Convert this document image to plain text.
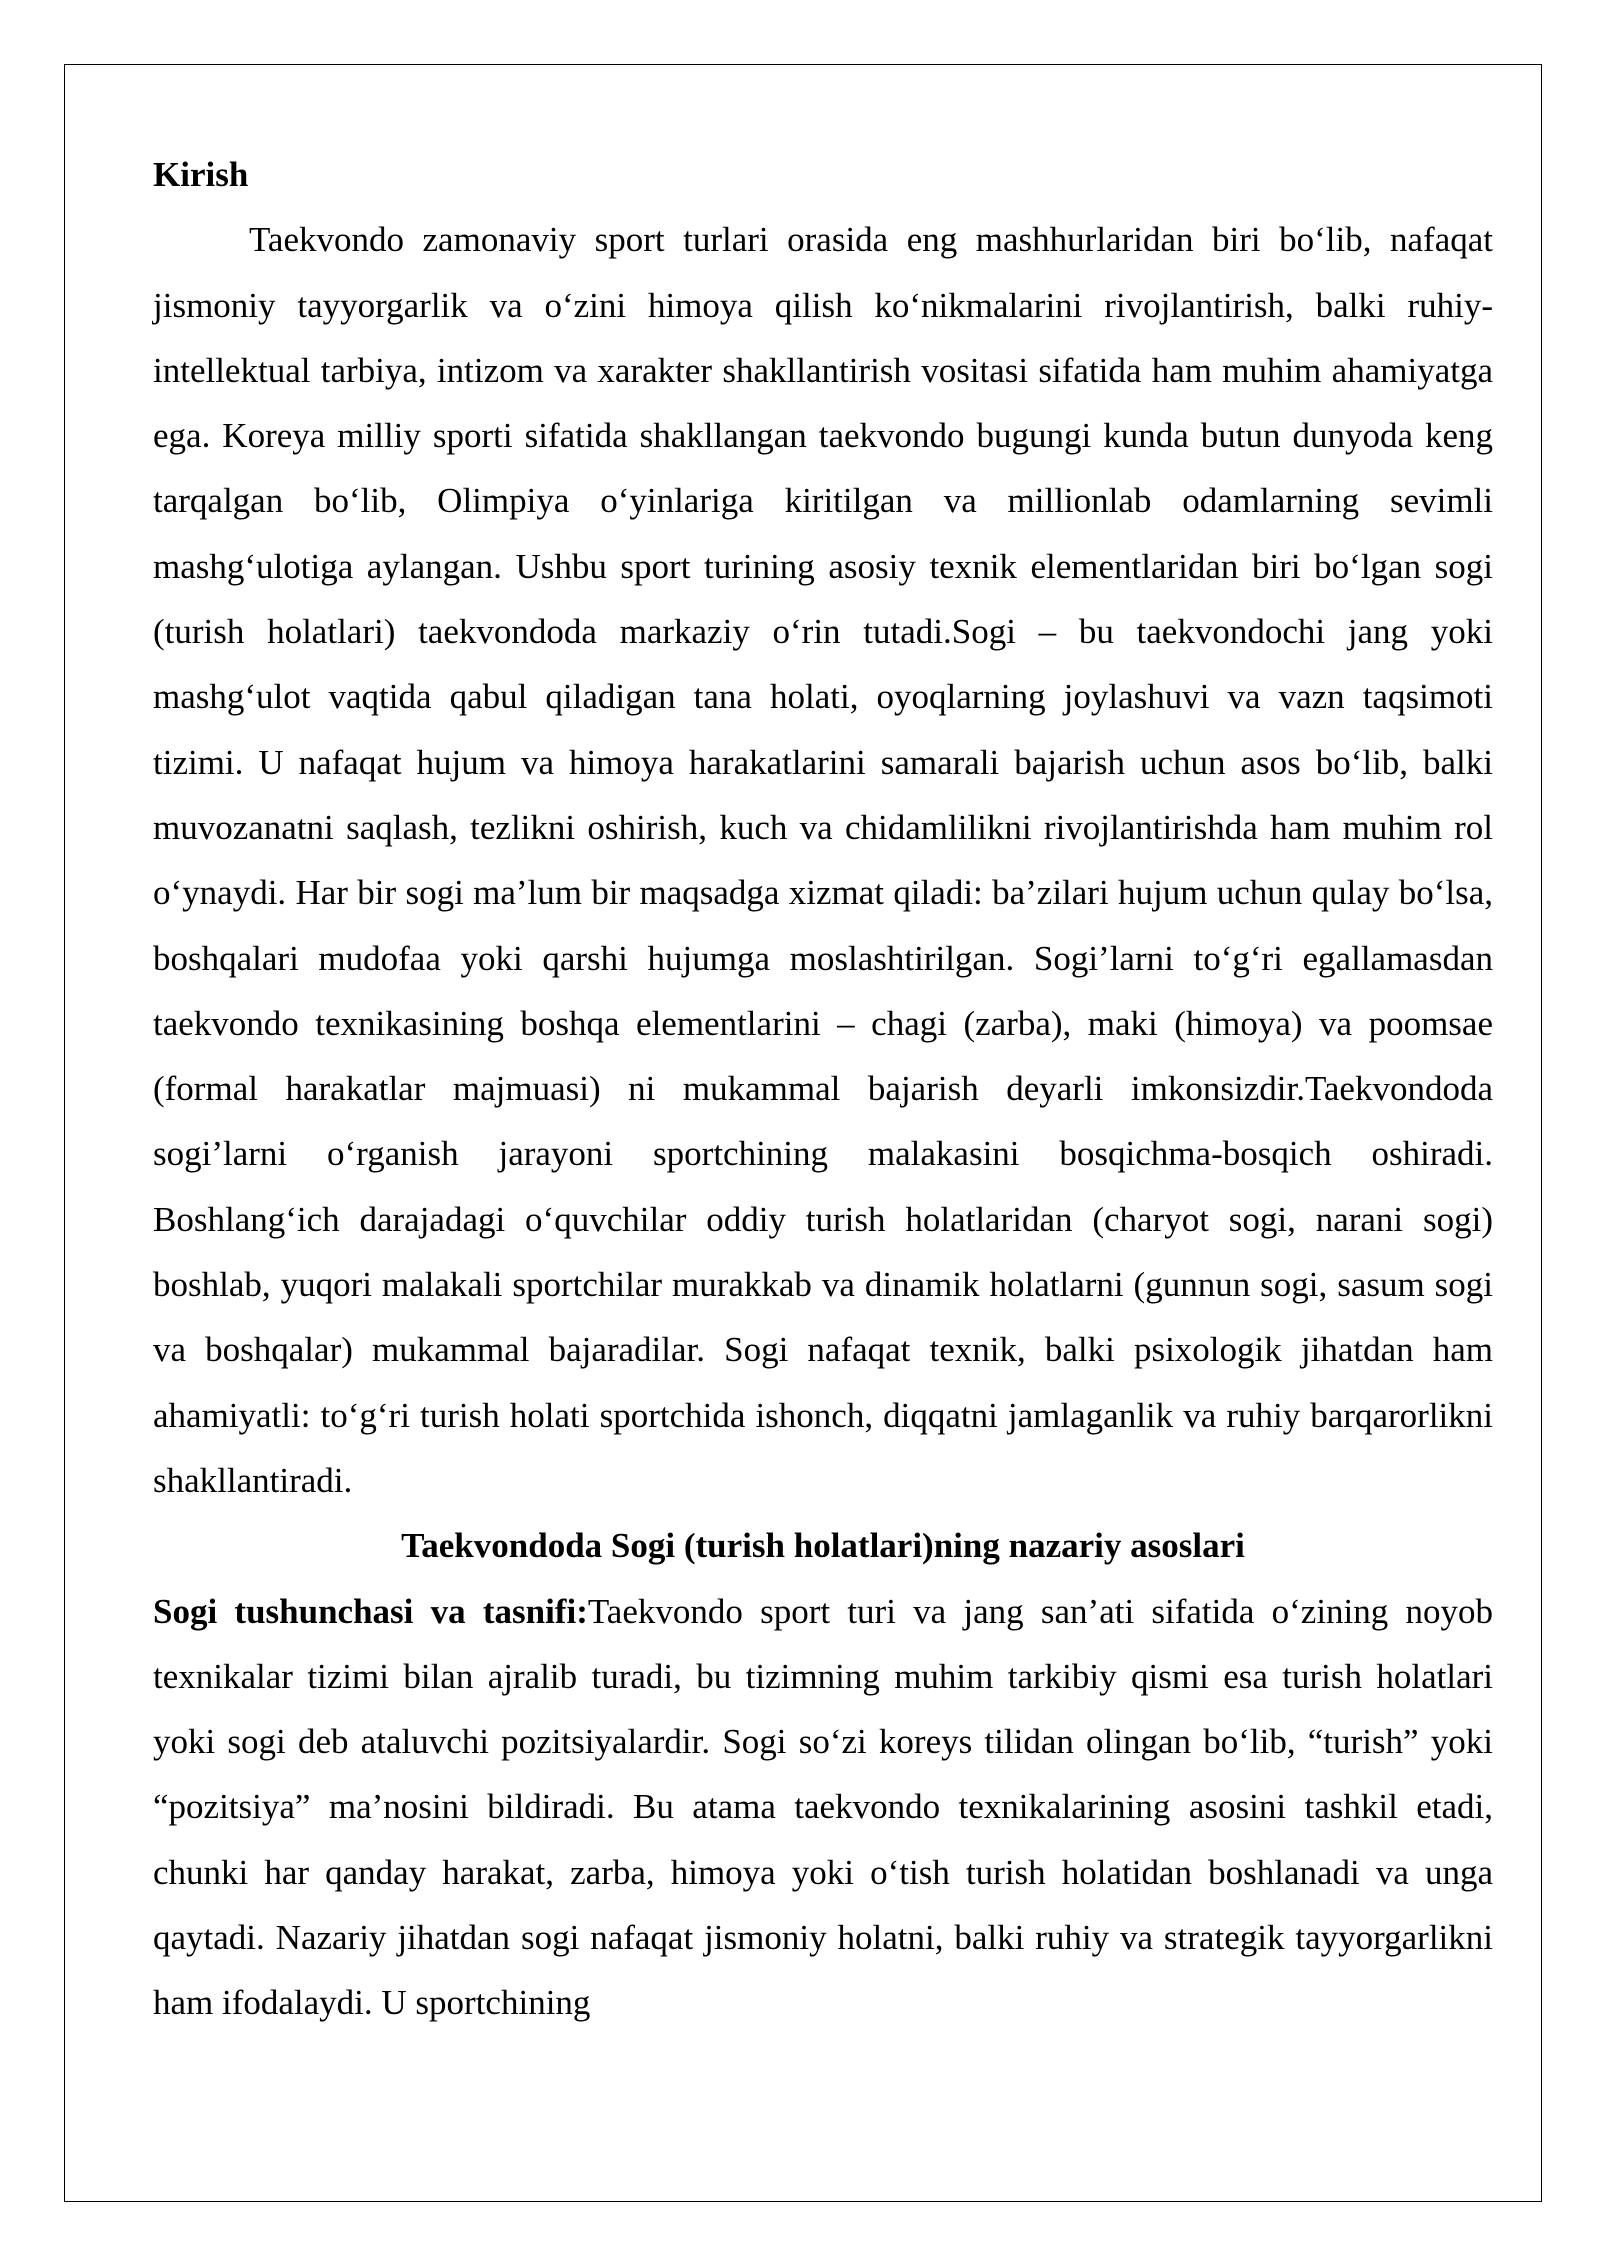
Kirish

Taekvondo zamonaviy sport turlari orasida eng mashhurlaridan biri bo‘lib, nafaqat jismoniy tayyorgarlik va o‘zini himoya qilish ko‘nikmalarini rivojlantirish, balki ruhiy-intellektual tarbiya, intizom va xarakter shakllantirish vositasi sifatida ham muhim ahamiyatga ega. Koreya milliy sporti sifatida shakllangan taekvondo bugungi kunda butun dunyoda keng tarqalgan bo‘lib, Olimpiya o‘yinlariga kiritilgan va millionlab odamlarning sevimli mashg‘ulotiga aylangan. Ushbu sport turining asosiy texnik elementlaridan biri bo‘lgan sogi (turish holatlari) taekvondoda markaziy o‘rin tutadi.Sogi – bu taekvondochi jang yoki mashg‘ulot vaqtida qabul qiladigan tana holati, oyoqlarning joylashuvi va vazn taqsimoti tizimi. U nafaqat hujum va himoya harakatlarini samarali bajarish uchun asos bo‘lib, balki muvozanatni saqlash, tezlikni oshirish, kuch va chidamlilikni rivojlantirishda ham muhim rol o‘ynaydi. Har bir sogi ma’lum bir maqsadga xizmat qiladi: ba’zilari hujum uchun qulay bo‘lsa, boshqalari mudofaa yoki qarshi hujumga moslashtirilgan. Sogi’larni to‘g‘ri egallamasdan taekvondo texnikasining boshqa elementlarini – chagi (zarba), maki (himoya) va poomsae (formal harakatlar majmuasi) ni mukammal bajarish deyarli imkonsizdir.Taekvondoda sogi’larni o‘rganish jarayoni sportchining malakasini bosqichma-bosqich oshiradi. Boshlang‘ich darajadagi o‘quvchilar oddiy turish holatlaridan (charyot sogi, narani sogi) boshlab, yuqori malakali sportchilar murakkab va dinamik holatlarni (gunnun sogi, sasum sogi va boshqalar) mukammal bajaradilar. Sogi nafaqat texnik, balki psixologik jihatdan ham ahamiyatli: to‘g‘ri turish holati sportchida ishonch, diqqatni jamlaganlik va ruhiy barqarorlikni shakllantiradi.

Taekvondoda Sogi (turish holatlari)ning nazariy asoslari

Sogi tushunchasi va tasnifi:Taekvondo sport turi va jang san’ati sifatida o‘zining noyob texnikalar tizimi bilan ajralib turadi, bu tizimning muhim tarkibiy qismi esa turish holatlari yoki sogi deb ataluvchi pozitsiyalardir. Sogi so‘zi koreys tilidan olingan bo‘lib, “turish” yoki “pozitsiya” ma’nosini bildiradi. Bu atama taekvondo texnikalarining asosini tashkil etadi, chunki har qanday harakat, zarba, himoya yoki o‘tish turish holatidan boshlanadi va unga qaytadi. Nazariy jihatdan sogi nafaqat jismoniy holatni, balki ruhiy va strategik tayyorgarlikni ham ifodalaydi. U sportchining
